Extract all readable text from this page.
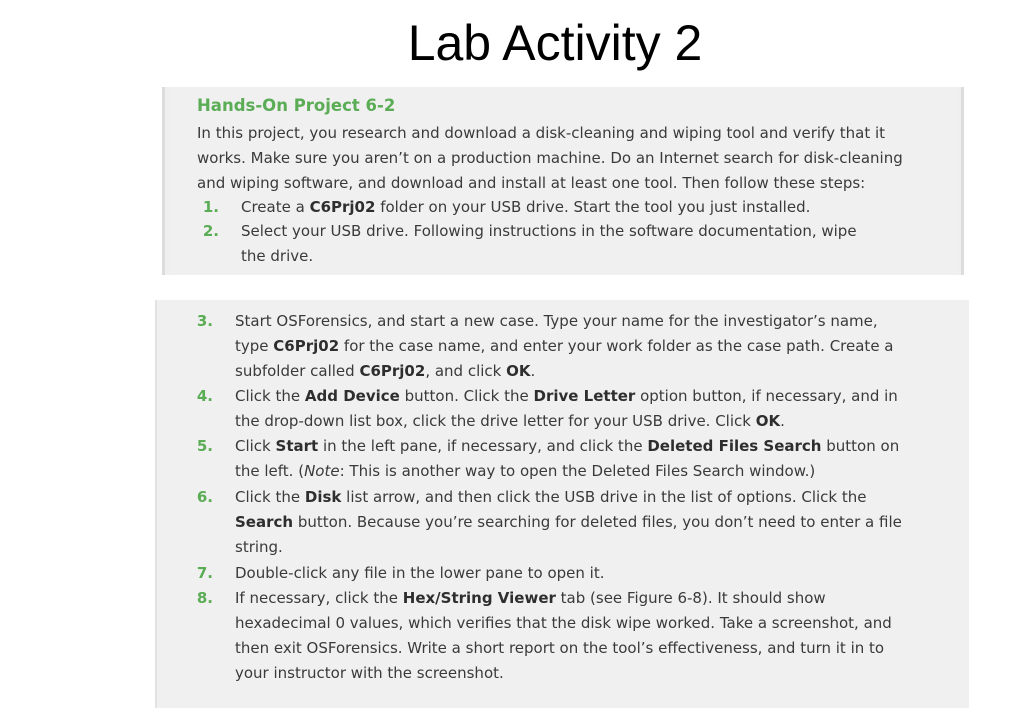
Lab Activity 2
Hands-On Project 6-2
In this project, you research and download a disk-cleaning and wiping tool and verify that it
works. Make sure you aren’t on a production machine. Do an Internet search for disk-cleaning
and wiping software, and download and install at least one tool. Then follow these steps:
1. Create a C6Prj02 folder on your USB drive. Start the tool you just installed.
2. Select your USB drive. Following instructions in the software documentation, wipe
the drive.
3. Start OSForensics, and start a new case. Type your name for the investigator’s name,
type C6Prj02 for the case name, and enter your work folder as the case path. Create a
subfolder called C6Prj02, and click OK.
4. Click the Add Device button. Click the Drive Letter option button, if necessary, and in
the drop-down list box, click the drive letter for your USB drive. Click OK.
5. Click Start in the left pane, if necessary, and click the Deleted Files Search button on
the left. (Note: This is another way to open the Deleted Files Search window.)
6. Click the Disk list arrow, and then click the USB drive in the list of options. Click the
Search button. Because you’re searching for deleted files, you don’t need to enter a file
string.
7. Double-click any file in the lower pane to open it.
8. If necessary, click the Hex/String Viewer tab (see Figure 6-8). It should show
hexadecimal 0 values, which verifies that the disk wipe worked. Take a screenshot, and
then exit OSForensics. Write a short report on the tool’s effectiveness, and turn it in to
your instructor with the screenshot.
